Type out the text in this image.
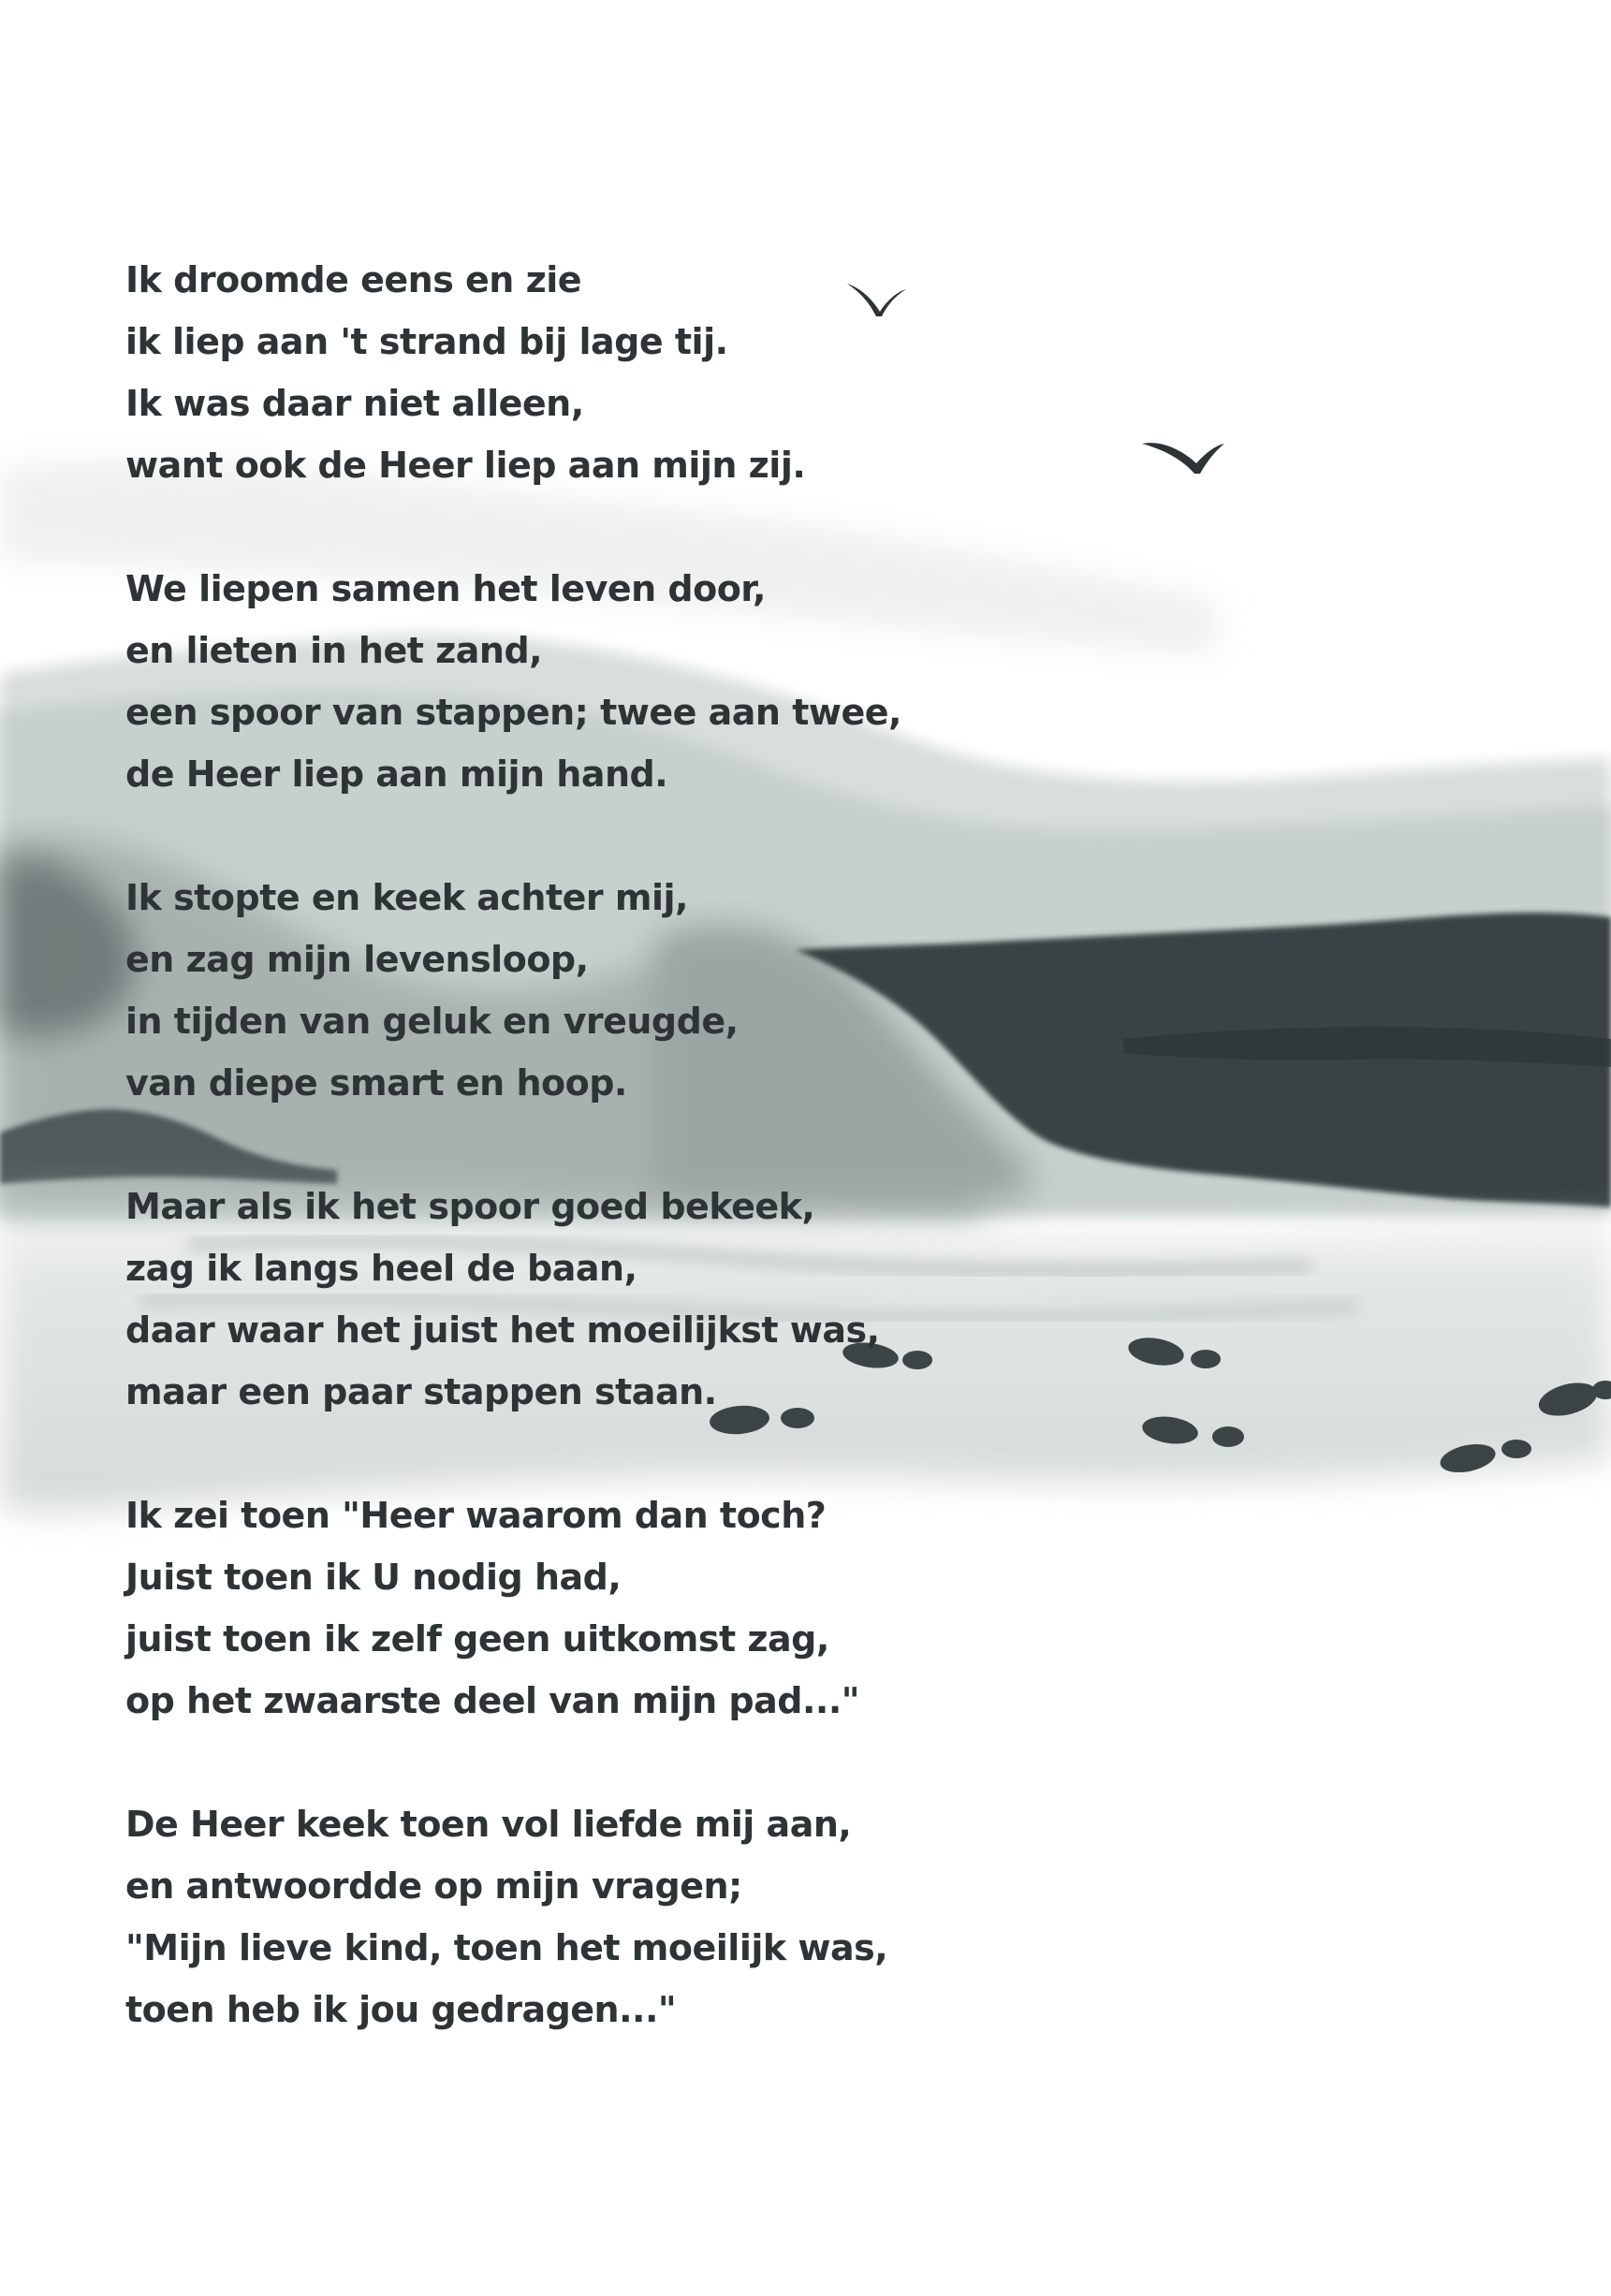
Ik droomde eens en zie
ik liep aan 't strand bij lage tij.
Ik was daar niet alleen,
want ook de Heer liep aan mijn zij.
We liepen samen het leven door,
en lieten in het zand,
een spoor van stappen; twee aan twee,
de Heer liep aan mijn hand.
Ik stopte en keek achter mij,
en zag mijn levensloop,
in tijden van geluk en vreugde,
van diepe smart en hoop.
Maar als ik het spoor goed bekeek,
zag ik langs heel de baan,
daar waar het juist het moeilijkst was,
maar een paar stappen staan.
Ik zei toen "Heer waarom dan toch?
Juist toen ik U nodig had,
juist toen ik zelf geen uitkomst zag,
op het zwaarste deel van mijn pad..."
De Heer keek toen vol liefde mij aan,
en antwoordde op mijn vragen;
"Mijn lieve kind, toen het moeilijk was,
toen heb ik jou gedragen..."
